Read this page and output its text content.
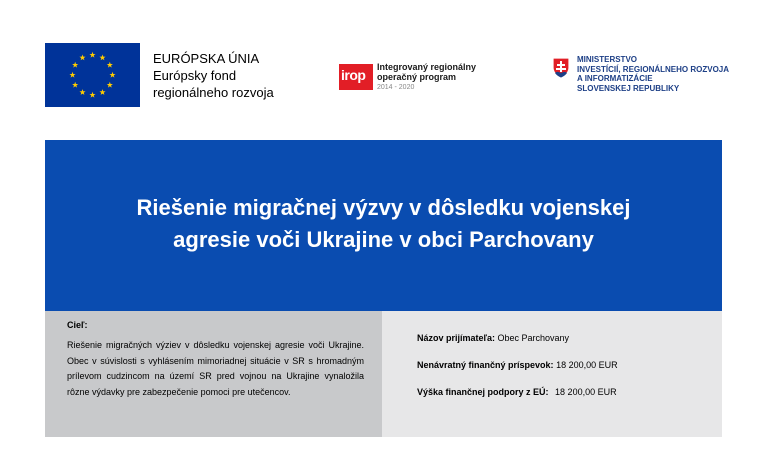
EURÓPSKA ÚNIA
Európsky fond
regionálneho rozvoja
irop Integrovaný regionálny
operačný program
2014 - 2020
MINISTERSTVO
INVESTÍCIÍ, REGIONÁLNEHO ROZVOJA
A INFORMATIZÁCIE
SLOVENSKEJ REPUBLIKY
Riešenie migračnej výzvy v dôsledku vojenskej agresie voči Ukrajine v obci Parchovany
Cieľ:
Riešenie migračných výziev v dôsledku vojenskej agresie voči Ukrajine. Obec v súvislosti s vyhlásením mimoriadnej situácie v SR s hromadným prílevom cudzincom na území SR pred vojnou na Ukrajine vynaložila rôzne výdavky pre zabezpečenie pomoci pre utečencov.
Názov prijímateľa: Obec Parchovany
Nenávratný finančný príspevok: 18 200,00 EUR
Výška finančnej podpory z EÚ: 18 200,00 EUR
